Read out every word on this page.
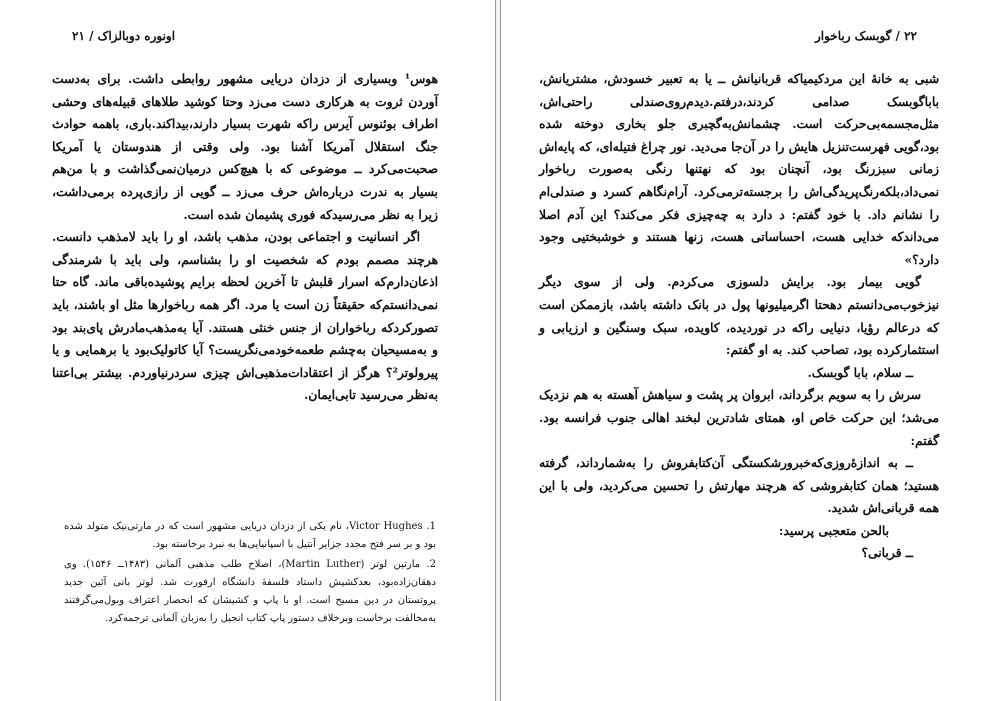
اونوره دوبالزاک / ۲۱

هوس¹ وبسیاری از دزدان دریایی مشهور روابطی داشت. برای به‌دست آوردن ثروت به هرکاری دست می‌زد وحتا کوشید طلاهای قبیله‌های وحشی اطراف بوئنوس آیرس راکه شهرت بسیار دارند،بیداکند.باری، باهمه حوادث جنگ استقلال آمریکا آشنا بود. ولی وقتی از هندوستان یا آمریکا صحبت‌می‌کرد ــ موضوعی که با هیچ‌کس درمیان‌نمی‌گذاشت و با من‌هم بسیار به ندرت درباره‌اش حرف می‌زد ــ گویی از رازی‌پرده برمی‌داشت، زیرا به نظر می‌رسیدکه فوری پشیمان شده است.

اگر انسانیت و اجتماعی بودن، مذهب باشد، او را باید لامذهب دانست. هرچند مصمم بودم که شخصیت او را بشناسم، ولی باید با شرمندگی اذعان‌دارم‌که اسرار قلبش تا آخرین لحظه برایم پوشیده‌باقی ماند. گاه حتا نمی‌دانستم‌که حقیقتاً زن است یا مرد. اگر همه رباخوارها مثل او باشند، باید تصورکردکه رباخواران از جنس خنثی هستند. آیا به‌مذهب‌مادرش پای‌بند بود و به‌مسیحیان به‌چشم طعمه‌خودمی‌نگریست؟ آیا کاتولیک‌بود یا برهمایی و یا پیرولوتر²؟ هرگز از اعتقادات‌مذهبی‌اش چیزی سردرنیاوردم. بیشتر بی‌اعتنا به‌نظر می‌رسید تابی‌ایمان.

1. Victor Hughes، نام یکی از دزدان دریایی مشهور است که در مارتی‌نیک متولد شده بود و بر سر فتح مجدد جزایر آنتیل با اسپانیایی‌ها به نبرد برخاسته بود.

2. مارتین لوتر (Martin Luther)، اصلاح طلب مذهبی آلمانی (۱۴۸۳ــ ۱۵۴۶). وی دهقان‌زاده‌بود، بعدکشیش داستاد فلسفهٔ دانشگاه ارفورت شد. لوتر بانی آئین جدید پروتستان در دین مسیح است. او با پاپ و کشیشان که انحصار اعتراف وبول‌می‌گرفتند به‌مخالفت برخاست وبرخلاف دستور پاپ کتاب انجیل را به‌زبان آلمانی ترجمه‌کرد.

۲۲ / گوبسک رباخوار

شبی به خانهٔ این مردکیمیاکه قربانیانش ــ یا به تعبیر خسودش، مشتریانش، باباگوبسک صدامی کردند،درفتم.دیدم‌روی‌صندلی راحتی‌اش، مثل‌مجسمه‌بی‌حرکت است. چشمانش‌به‌گچبری جلو بخاری دوخته شده بود،گویی فهرست‌تنزیل هایش را در آن‌جا می‌دید. نور چراغ فتیله‌ای، که پایه‌اش زمانی سبزرنگ بود، آنچنان بود که نهتنها رنگی به‌صورت رباخوار نمی‌داد،بلکه‌رنگ‌پریدگی‌اش را برجسته‌ترمی‌کرد. آرام‌نگاهم کسرد و صندلی‌ام را نشانم داد. با خود گفتم: د دارد به چه‌چیزی فکر می‌کند؟ این آدم اصلا می‌داندکه خدایی هست، احساساتی هست، زنها هستند و خوشبختیی وجود دارد؟»

گویی بیمار بود. برایش دلسوزی می‌کردم. ولی از سوی دیگر نیزخوب‌می‌دانستم دهحتا اگرمیلیونها پول در بانک داشته باشد، بازممکن است که درعالم رؤیا، دنیایی راکه در نوردیده، کاویده، سبک وسنگین و ارزیابی و استثمارکرده بود، تصاحب کند. به او گفتم:

ــ سلام، بابا گوبسک.

سرش را به سویم برگرداند، ابروان پر پشت و سیاهش آهسته به هم نزدیک می‌شد؛ این حرکت خاص او، همتای شادترین لبخند اهالی جنوب فرانسه بود. گفتم:

ــ به اندازهٔ‌روزی‌که‌خبرورشکستگی آن‌کتابفروش را به‌شمارداند، گرفته هستید؛ همان کتابفروشی که هرچند مهارتش را تحسین می‌کردید، ولی با این همه قربانی‌اش شدید.

بالحن متعجبی پرسید:

ــ قربانی؟
